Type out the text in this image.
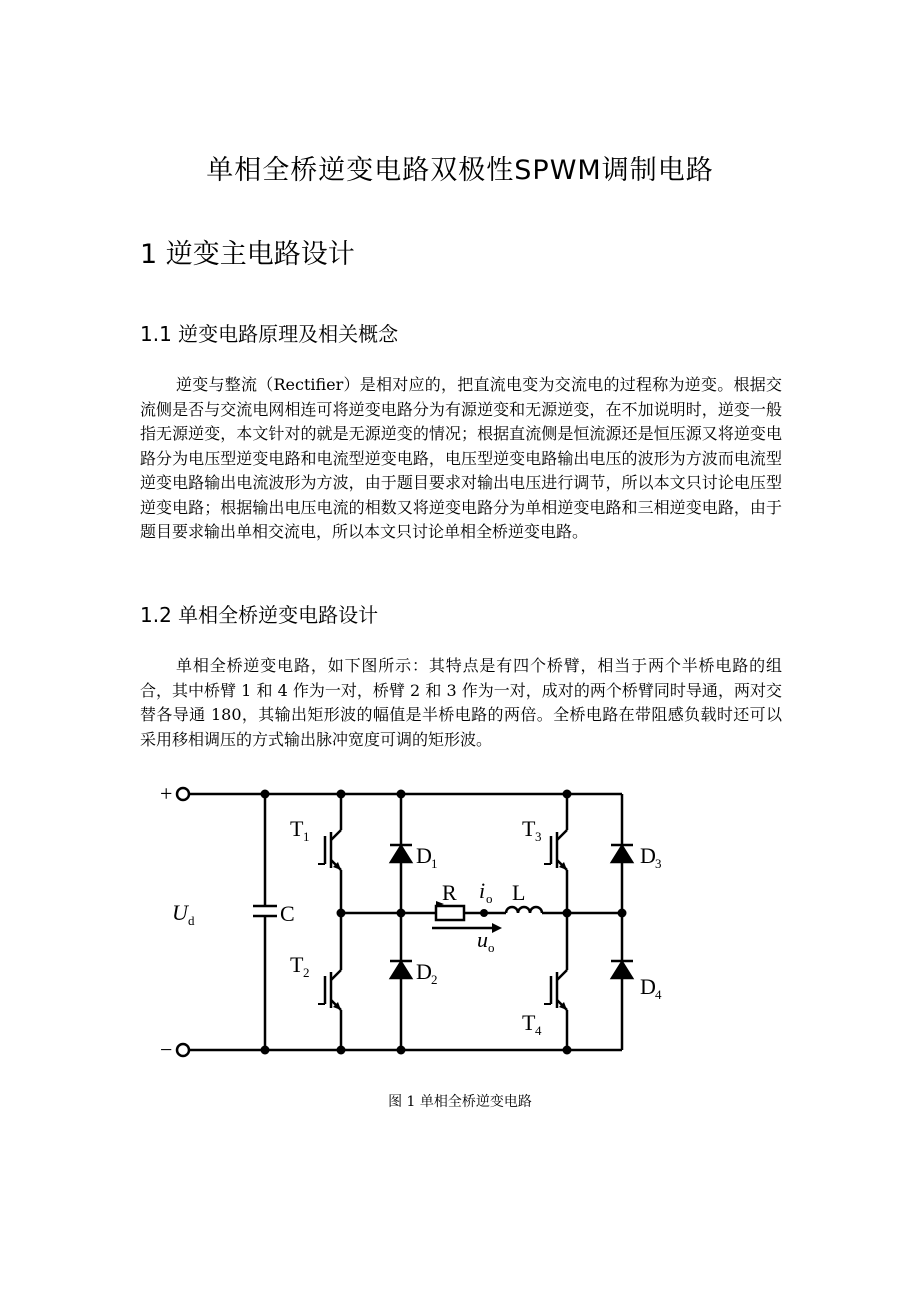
单相全桥逆变电路双极性SPWM调制电路
1 逆变主电路设计
1.1 逆变电路原理及相关概念
逆变与整流（Rectifier）是相对应的，把直流电变为交流电的过程称为逆变。根据交流侧是否与交流电网相连可将逆变电路分为有源逆变和无源逆变，在不加说明时，逆变一般指无源逆变，本文针对的就是无源逆变的情况；根据直流侧是恒流源还是恒压源又将逆变电路分为电压型逆变电路和电流型逆变电路，电压型逆变电路输出电压的波形为方波而电流型逆变电路输出电流波形为方波，由于题目要求对输出电压进行调节，所以本文只讨论电压型逆变电路；根据输出电压电流的相数又将逆变电路分为单相逆变电路和三相逆变电路，由于题目要求输出单相交流电，所以本文只讨论单相全桥逆变电路。
1.2 单相全桥逆变电路设计
单相全桥逆变电路，如下图所示：其特点是有四个桥臂，相当于两个半桥电路的组合，其中桥臂 1 和 4 作为一对，桥臂 2 和 3 作为一对，成对的两个桥臂同时导通，两对交替各导通 180，其输出矩形波的幅值是半桥电路的两倍。全桥电路在带阻感负载时还可以采用移相调压的方式输出脉冲宽度可调的矩形波。
+
−
U d	C
T 1
T 2
T 3
T 4
D 1
D 2
D 3
D 4
R i o L
u o
图 1 单相全桥逆变电路
